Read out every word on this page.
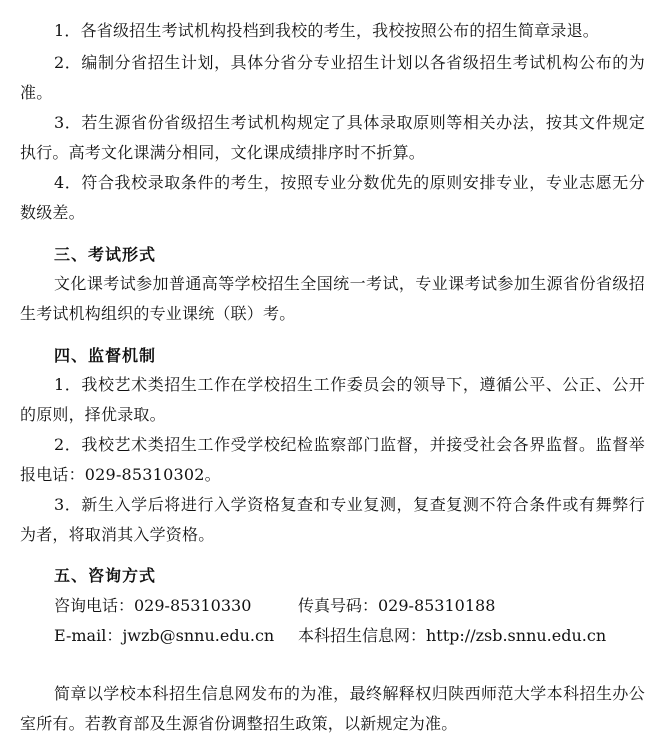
1．各省级招生考试机构投档到我校的考生，我校按照公布的招生简章录退。

2．编制分省招生计划，具体分省分专业招生计划以各省级招生考试机构公布的为准。

3．若生源省份省级招生考试机构规定了具体录取原则等相关办法，按其文件规定执行。高考文化课满分相同，文化课成绩排序时不折算。

4．符合我校录取条件的考生，按照专业分数优先的原则安排专业，专业志愿无分数级差。

三、考试形式

文化课考试参加普通高等学校招生全国统一考试，专业课考试参加生源省份省级招生考试机构组织的专业课统（联）考。

四、监督机制

1．我校艺术类招生工作在学校招生工作委员会的领导下，遵循公平、公正、公开的原则，择优录取。

2．我校艺术类招生工作受学校纪检监察部门监督，并接受社会各界监督。监督举报电话：029-85310302。

3．新生入学后将进行入学资格复查和专业复测，复查复测不符合条件或有舞弊行为者，将取消其入学资格。

五、咨询方式
咨询电话：029-85310330	传真号码：029-85310188
E-mail：jwzb@snnu.edu.cn 本科招生信息网：http://zsb.snnu.edu.cn

简章以学校本科招生信息网发布的为准，最终解释权归陕西师范大学本科招生办公室所有。若教育部及生源省份调整招生政策，以新规定为准。
